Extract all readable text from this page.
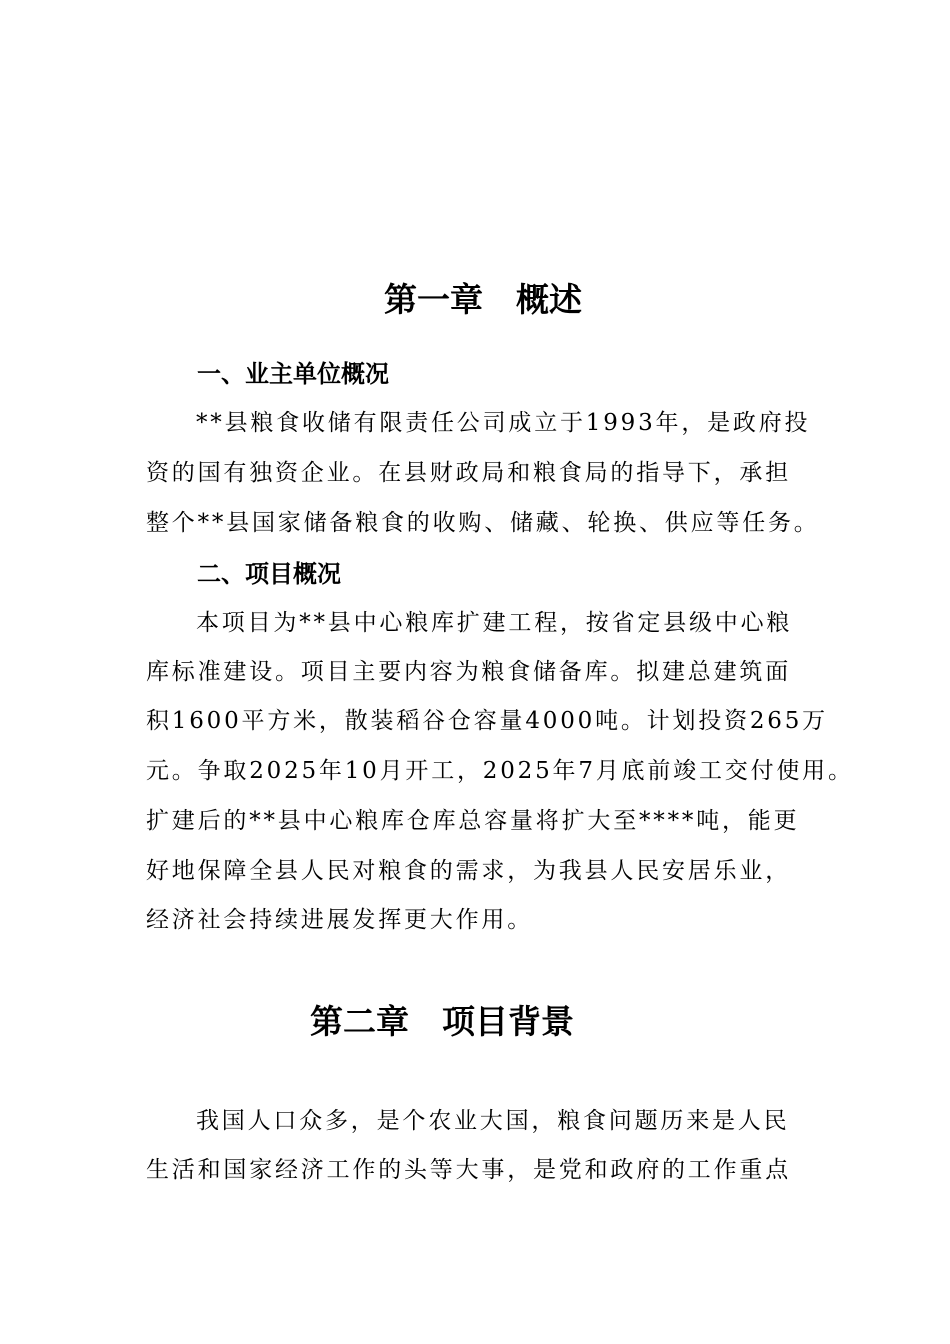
第一章　概述
一、业主单位概况
**县粮食收储有限责任公司成立于1993年，是政府投
资的国有独资企业。在县财政局和粮食局的指导下，承担
整个**县国家储备粮食的收购、储藏、轮换、供应等任务。
二、项目概况
本项目为**县中心粮库扩建工程，按省定县级中心粮
库标准建设。项目主要内容为粮食储备库。拟建总建筑面
积1600平方米，散装稻谷仓容量4000吨。计划投资265万
元。争取2025年10月开工，2025年7月底前竣工交付使用。
扩建后的**县中心粮库仓库总容量将扩大至****吨，能更
好地保障全县人民对粮食的需求，为我县人民安居乐业，
经济社会持续进展发挥更大作用。
第二章　项目背景
我国人口众多，是个农业大国，粮食问题历来是人民
生活和国家经济工作的头等大事，是党和政府的工作重点
